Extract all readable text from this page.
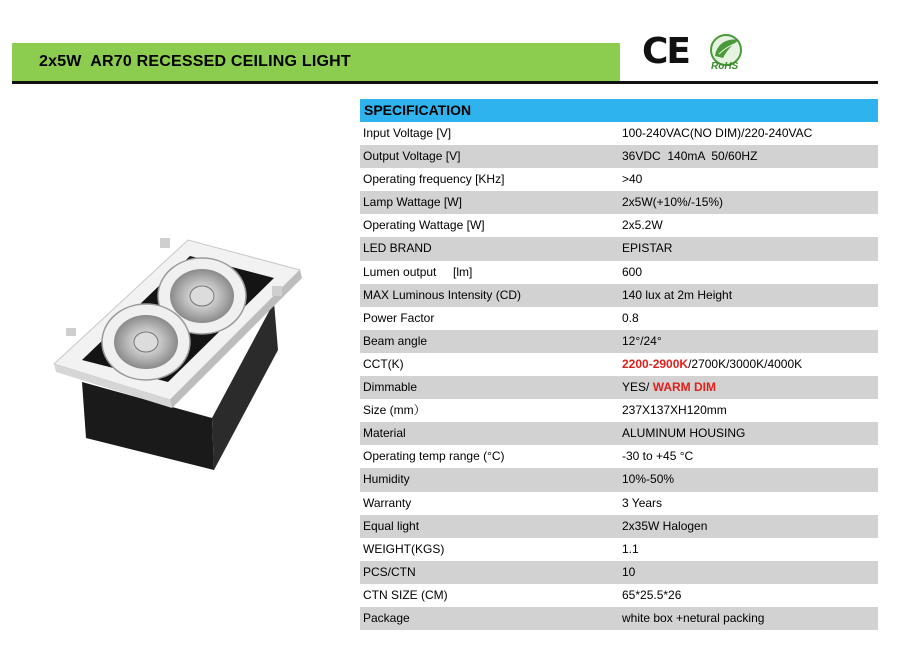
2x5W  AR70 RECESSED CEILING LIGHT	CE RoHS
SPECIFICATION
Input Voltage [V]	100-240VAC(NO DIM)/220-240VAC
Output Voltage [V]	36VDC  140mA  50/60HZ
Operating frequency [KHz]	>40
Lamp Wattage [W]	2x5W(+10%/-15%)
Operating Wattage [W]	2x5.2W
LED BRAND	EPISTAR
Lumen output     [lm]	600
MAX Luminous Intensity (CD)	140 lux at 2m Height
Power Factor	0.8
Beam angle	12°/24°
CCT(K)	2200-2900K/2700K/3000K/4000K
Dimmable	YES/ WARM DIM
Size (mm）	237X137XH120mm
Material	ALUMINUM HOUSING
Operating temp range (°C)	-30 to +45 °C
Humidity	10%-50%
Warranty	3 Years
Equal light	2x35W Halogen
WEIGHT(KGS)	1.1
PCS/CTN	10
CTN SIZE (CM)	65*25.5*26
Package	white box +netural packing
